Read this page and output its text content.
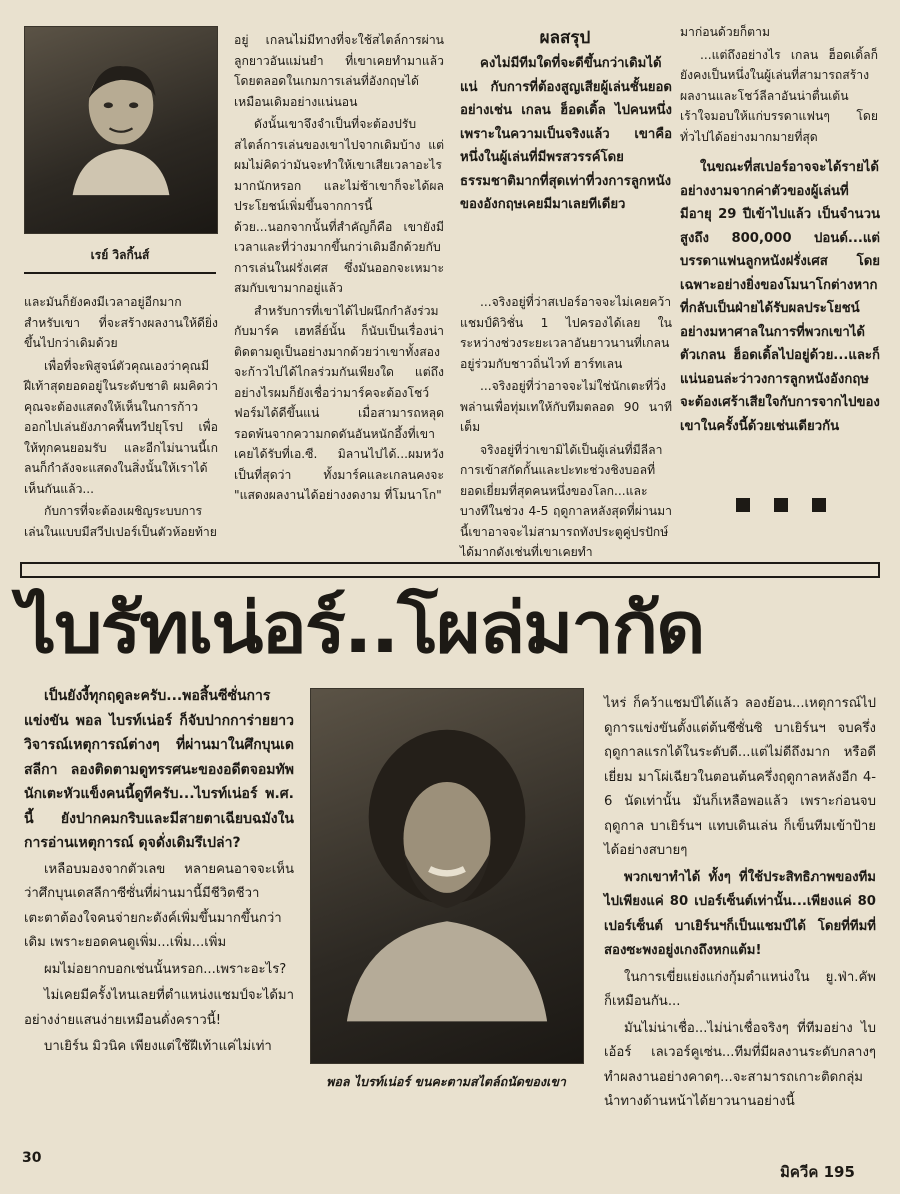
เรย์ วิลกิ้นส์

และมันก็ยังคงมีเวลาอยู่อีกมากสำหรับเขา ที่จะสร้างผลงานให้ดียิ่งขึ้นไปกว่าเดิมด้วย

เพื่อที่จะพิสูจน์ตัวคุณเองว่าคุณมีฝีเท้าสุดยอดอยู่ในระดับชาติ ผมคิดว่าคุณจะต้องแสดงให้เห็นในการก้าวออกไปเล่นยังภาคพื้นทวีปยุโรป เพื่อให้ทุกคนยอมรับ และอีกไม่นานนี้เกลนก็กำลังจะแสดงในสิ่งนั้นให้เราได้เห็นกันแล้ว...

กับการที่จะต้องเผชิญระบบการเล่นในแบบมีสวีปเปอร์เป็นตัวห้อยท้าย

อยู่ เกลนไม่มีทางที่จะใช้สไตล์การผ่านลูกยาวอันแม่นยำ ที่เขาเคยทำมาแล้วโดยตลอดในเกมการเล่นที่อังกฤษได้เหมือนเดิมอย่างแน่นอน

ดังนั้นเขาจึงจำเป็นที่จะต้องปรับสไตล์การเล่นของเขาไปจากเดิมบ้าง แต่ผมไม่คิดว่ามันจะทำให้เขาเสียเวลาอะไรมากนักหรอก และไม่ช้าเขาก็จะได้ผลประโยชน์เพิ่มขึ้นจากการนี้ด้วย...นอกจากนั้นที่สำคัญก็คือ เขายังมีเวลาและที่ว่างมากขึ้นกว่าเดิมอีกด้วยกับการเล่นในฝรั่งเศส ซึ่งมันออกจะเหมาะสมกับเขามากอยู่แล้ว

สำหรับการที่เขาได้ไปผนึกกำลังร่วมกับมาร์ค เฮทลี่ย์นั้น ก็นับเป็นเรื่องน่าติดตามดูเป็นอย่างมากด้วยว่าเขาทั้งสองจะก้าวไปได้ไกลร่วมกันเพียงใด แต่ถึงอย่างไรผมก็ยังเชื่อว่ามาร์คจะต้องโชว์ฟอร์มได้ดีขึ้นแน่ เมื่อสามารถหลุดรอดพ้นจากความกดดันอันหนักอึ้งที่เขาเคยได้รับที่เอ.ซี. มิลานไปได้...ผมหวังเป็นที่สุดว่า ทั้งมาร์คและเกลนคงจะ "แสดงผลงานได้อย่างงดงาม ที่โมนาโก"

ผลสรุป

คงไม่มีทีมใดที่จะดีขึ้นกว่าเดิมได้แน่ กับการที่ต้องสูญเสียผู้เล่นชั้นยอดอย่างเช่น เกลน ฮ็อดเดิ้ล ไปคนหนึ่ง เพราะในความเป็นจริงแล้ว เขาคือหนึ่งในผู้เล่นที่มีพรสวรรค์โดยธรรมชาติมากที่สุดเท่าที่วงการลูกหนังของอังกฤษเคยมีมาเลยทีเดียว

...จริงอยู่ที่ว่าสเปอร์อาจจะไม่เคยคว้าแชมป์ดิวิชั่น 1 ไปครองได้เลย ในระหว่างช่วงระยะเวลาอันยาวนานที่เกลนอยู่ร่วมกับชาวถิ่นไวท์ ฮาร์ทเลน

...จริงอยู่ที่ว่าอาจจะไม่ใช่นักเตะที่วิ่งพล่านเพื่อทุ่มเทให้กับทีมตลอด 90 นาทีเต็ม

จริงอยู่ที่ว่าเขามิได้เป็นผู้เล่นที่มีลีลาการเข้าสกัดกั้นและปะทะช่วงชิงบอลที่ยอดเยี่ยมที่สุดคนหนึ่งของโลก...และบางทีในช่วง 4-5 ฤดูกาลหลังสุดที่ผ่านมานี้เขาอาจจะไม่สามารถทังประตูคู่ปรปักษ์ได้มากดังเช่นที่เขาเคยทำ

มาก่อนด้วยก็ตาม

...แต่ถึงอย่างไร เกลน ฮ็อดเดิ้ลก็ยังคงเป็นหนึ่งในผู้เล่นที่สามารถสร้างผลงานและโชว์ลีลาอันน่าตื่นเต้นเร้าใจมอบให้แก่บรรดาแฟนๆ โดยทั่วไปได้อย่างมากมายที่สุด

ในขณะที่สเปอร์อาจจะได้รายได้อย่างงามจากค่าตัวของผู้เล่นที่มีอายุ 29 ปีเข้าไปแล้ว เป็นจำนวนสูงถึง 800,000 ปอนด์...แต่บรรดาแฟนลูกหนังฝรั่งเศส โดยเฉพาะอย่างยิ่งของโมนาโกต่างหากที่กลับเป็นฝ่ายได้รับผลประโยชน์อย่างมหาศาลในการที่พวกเขาได้ตัวเกลน ฮ็อดเดิ้ลไปอยู่ด้วย...และก็แน่นอนล่ะว่าวงการลูกหนังอังกฤษจะต้องเศร้าเสียใจกับการจากไปของเขาในครั้งนี้ด้วยเช่นเดียวกัน

ไบรัทเน่อร์..โผล่มากัด

เป็นยังงี้ทุกฤดูละครับ...พอสิ้นซีซั่นการแข่งขัน พอล ไบรท์เน่อร์ ก็จับปากการ่ายยาววิจารณ์เหตุการณ์ต่างๆ ที่ผ่านมาในศึกบุนเดสลีกา ลองติดตามดูทรรศนะของอดีตจอมทัพ นักเตะหัวแข็งคนนี้ดูทีครับ...ไบรท์เน่อร์ พ.ศ. นี้ ยังปากคมกริบและมีสายตาเฉียบฉมังในการอ่านเหตุการณ์ ดุจดั่งเดิมรึเปล่า?

เหลือบมองจากตัวเลข หลายคนอาจจะเห็นว่าศึกบุนเดสลีกาซีซั่นที่ผ่านมานี้มีชีวิตชีวา เตะตาต้องใจคนจ่ายกะตังค์เพิ่มขึ้นมากขึ้นกว่าเดิม เพราะยอดคนดูเพิ่ม...เพิ่ม...เพิ่ม

ผมไม่อยากบอกเช่นนั้นหรอก...เพราะอะไร?

ไม่เคยมีครั้งไหนเลยที่ตำแหน่งแชมป์จะได้มาอย่างง่ายแสนง่ายเหมือนดั่งคราวนี้!

บาเยิร์น มิวนิค เพียงแต่ใช้ฝีเท้าแค่ไม่เท่า

พอล ไบรท์เน่อร์ ขนคะตามสไตล์ถนัดของเขา

ไหร่ ก็คว้าแชมป์ได้แล้ว ลองย้อน...เหตุการณ์ไปดูการแข่งขันตั้งแต่ต้นซีซั่นซิ บาเยิร์นฯ จบครึ่งฤดูกาลแรกได้ในระดับดี...แต่ไม่ดีถึงมาก หรือดีเยี่ยม มาโผ่เฉียวในตอนต้นครึ่งฤดูกาลหลังอีก 4-6 นัดเท่านั้น มันก็เหลือพอแล้ว เพราะก่อนจบฤดูกาล บาเยิร์นฯ แทบเดินเล่น ก็เข็นทีมเข้าป้ายได้อย่างสบายๆ

พวกเขาทำได้ ทั้งๆ ที่ใช้ประสิทธิภาพของทีมไปเพียงแค่ 80 เปอร์เซ็นต์เท่านั้น...เพียงแค่ 80 เปอร์เซ็นต์ บาเยิร์นฯก็เป็นแชมป์ได้ โดยที่ทีมที่สองซะพงอยู่งเกงถึงหกแต้ม!

ในการเขี่ยแย่งแก่งกุ้มตำแหน่งใน ยู.ฟ่า.คัพ ก็เหมือนกัน...

มันไม่น่าเชื่อ...ไม่น่าเชื่อจริงๆ ที่ทีมอย่าง ไบเอ้อร์ เลเวอร์คูเซ่น...ทีมที่มีผลงานระดับกลางๆ ทำผลงานอย่างคาดๆ...จะสามารถเกาะติดกลุ่มนำทางด้านหน้าได้ยาวนานอย่างนี้

30
มิควีค 195
